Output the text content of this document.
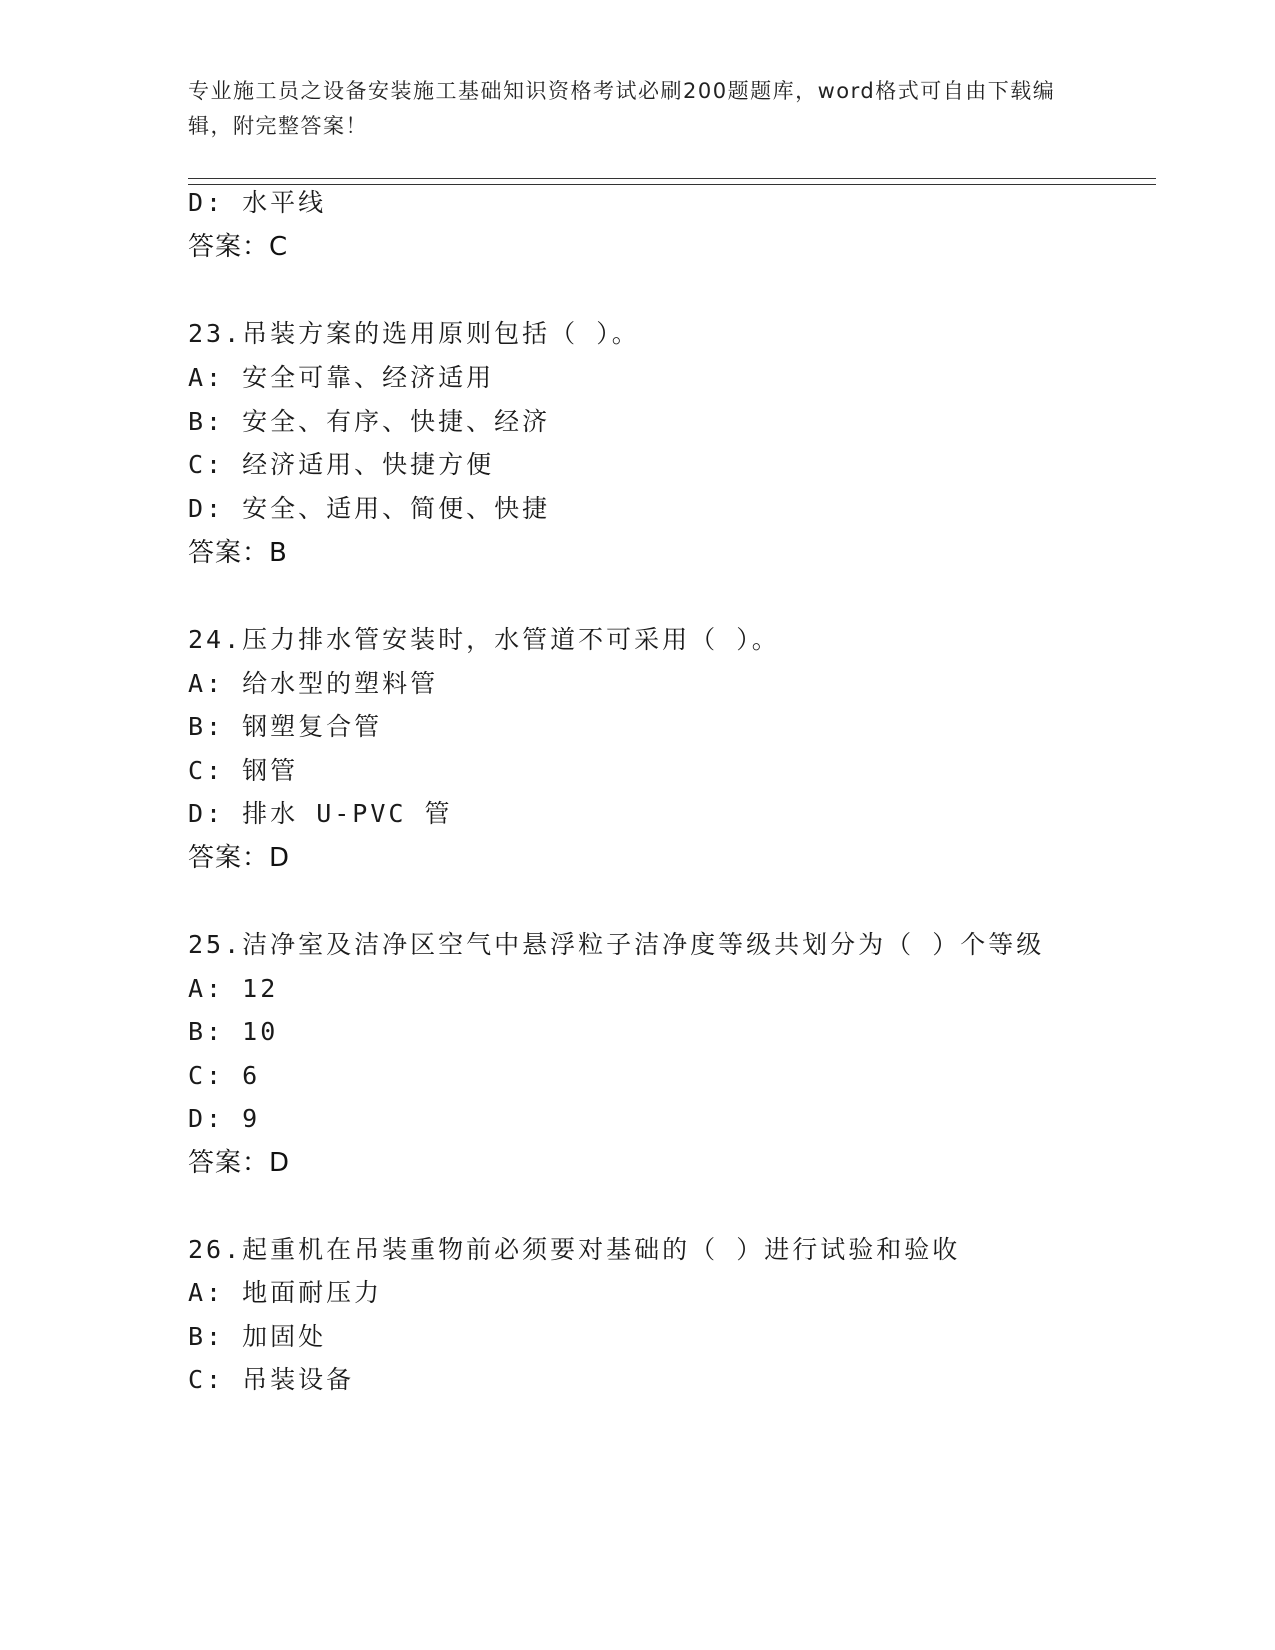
专业施工员之设备安装施工基础知识资格考试必刷200题题库，word格式可自由下载编辑，附完整答案！
D: 水平线
答案：C
23.吊装方案的选用原则包括（ ）。
A: 安全可靠、经济适用
B: 安全、有序、快捷、经济
C: 经济适用、快捷方便
D: 安全、适用、简便、快捷
答案：B
24.压力排水管安装时，水管道不可采用（ ）。
A: 给水型的塑料管
B: 钢塑复合管
C: 钢管
D: 排水 U-PVC 管
答案：D
25.洁净室及洁净区空气中悬浮粒子洁净度等级共划分为（ ）个等级
A: 12
B: 10
C: 6
D: 9
答案：D
26.起重机在吊装重物前必须要对基础的（ ）进行试验和验收
A: 地面耐压力
B: 加固处
C: 吊装设备
